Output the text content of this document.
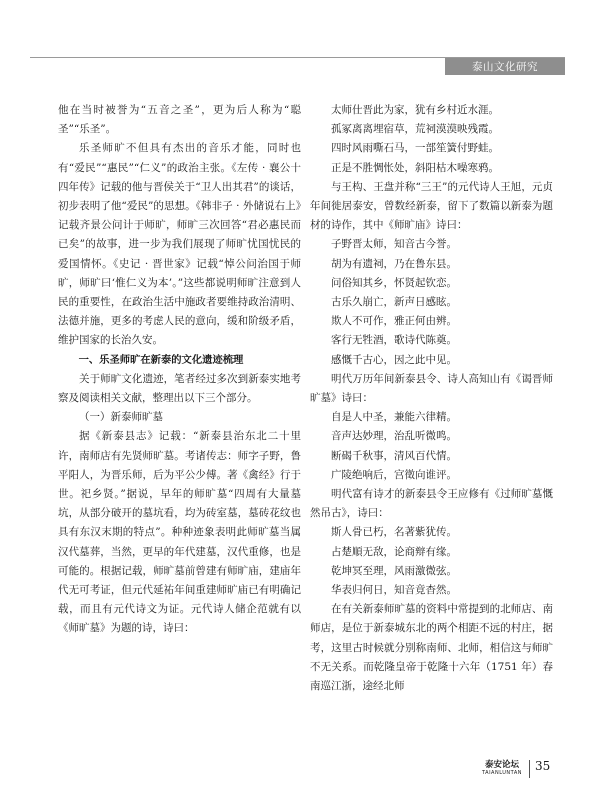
泰山文化研究

他在当时被誉为“五音之圣”，更为后人称为“聪圣”“乐圣”。

乐圣师旷不但具有杰出的音乐才能，同时也有“爱民”“惠民”“仁义”的政治主张。《左传 · 襄公十四年传》记载的他与晋侯关于“卫人出其君”的谈话，初步表明了他“爱民”的思想。《韩非子 · 外储说右上》记载齐景公问计于师旷，师旷三次回答“君必惠民而已矣”的故事，进一步为我们展现了师旷忧国忧民的爱国情怀。《史记 · 晋世家》记载“悼公问治国于师旷，师旷曰‘惟仁义为本’。”这些都说明师旷注意到人民的重要性，在政治生活中施政者要维持政治清明、法德并施，更多的考虑人民的意向，缓和阶级矛盾，维护国家的长治久安。

一、乐圣师旷在新泰的文化遗迹梳理

关于师旷文化遗迹，笔者经过多次到新泰实地考察及阅读相关文献，整理出以下三个部分。

（一）新泰师旷墓

据《新泰县志》记载：“新泰县治东北二十里许，南师店有先贤师旷墓。考诸传志：师字子野，鲁平阳人，为晋乐师，后为平公少傅。著《禽经》行于世。祀乡贤。”据说，早年的师旷墓“四周有大量墓坑，从部分破开的墓坑看，均为砖室墓，墓砖花纹也具有东汉末期的特点”。种种迹象表明此师旷墓当属汉代墓葬，当然，更早的年代建墓，汉代重修，也是可能的。根据记载，师旷墓前曾建有师旷庙，建庙年代无可考证，但元代延祐年间重建师旷庙已有明确记载，而且有元代诗文为证。元代诗人储企范就有以《师旷墓》为题的诗，诗曰：

太师仕晋此为家，犹有乡村近水涯。

孤冢离离埋宿草，荒祠漠漠映残霞。

四时风雨嘶石马，一部笙簧付野蛙。

正是不胜惆怅处，斜阳枯木噪寒鸦。

与王构、王盘并称“三王”的元代诗人王旭，元贞年间徙居泰安，曾数经新泰，留下了数篇以新泰为题材的诗作，其中《师旷庙》诗曰：

子野晋太师，知音古今誉。

胡为有遗祠，乃在鲁东县。

问俗知其乡，怀贤起钦恋。

古乐久崩亡，新声日感眩。

欺人不可作，雅正何由辨。

客行无牲酒，歌诗代陈奠。

感慨千古心，因之此中见。

明代万历年间新泰县令、诗人高知山有《谒晋师旷墓》诗曰：

自是人中圣，兼能六律精。

音声达妙理，治乱听微鸣。

断碣千秋事，清风百代情。

广陵绝响后，宫徵向谁评。

明代富有诗才的新泰县令王应修有《过师旷墓慨然吊古》，诗曰：

斯人骨已朽，名著紫犹传。

占楚順无敌，论商辩有缘。

乾坤冥至理，风雨激微弦。

华表归何日，知音竟杳然。

在有关新泰师旷墓的资料中常提到的北师店、南师店，是位于新泰城东北的两个相距不远的村庄，据考，这里古时候就分别称南师、北师，相信这与师旷不无关系。而乾隆皇帝于乾隆十六年（1751 年）春南巡江浙，途经北师

泰安论坛
TAIANLUNTAN 35
